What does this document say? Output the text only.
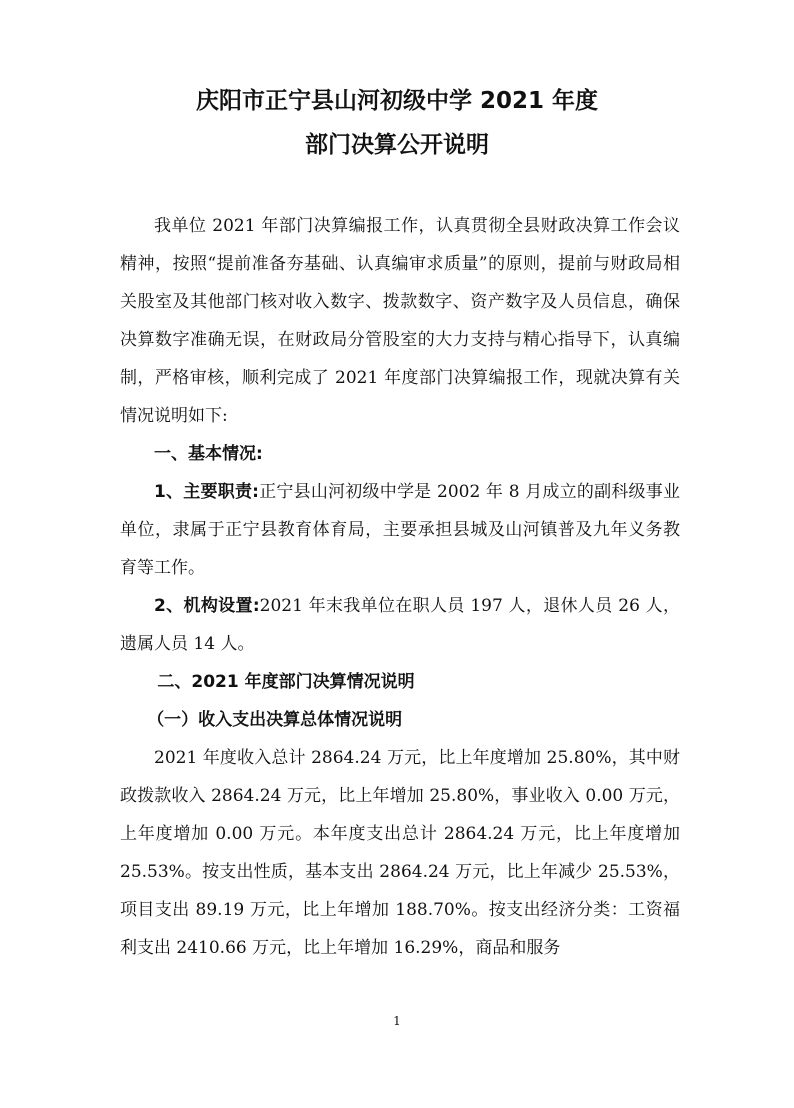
庆阳市正宁县山河初级中学 2021 年度
部门决算公开说明

我单位 2021 年部门决算编报工作，认真贯彻全县财政决算工作会议精神，按照“提前准备夯基础、认真编审求质量”的原则，提前与财政局相关股室及其他部门核对收入数字、拨款数字、资产数字及人员信息，确保决算数字准确无误，在财政局分管股室的大力支持与精心指导下，认真编制，严格审核，顺利完成了 2021 年度部门决算编报工作，现就决算有关情况说明如下:

一、基本情况:

1、主要职责:正宁县山河初级中学是 2002 年 8 月成立的副科级事业单位，隶属于正宁县教育体育局，主要承担县城及山河镇普及九年义务教育等工作。

2、机构设置:2021 年末我单位在职人员 197 人，退休人员 26 人，遗属人员 14 人。

二、2021 年度部门决算情况说明

（一）收入支出决算总体情况说明

2021 年度收入总计 2864.24 万元，比上年度增加 25.80%，其中财政拨款收入 2864.24 万元，比上年增加 25.80%，事业收入 0.00 万元，上年度增加 0.00 万元。本年度支出总计 2864.24 万元，比上年度增加 25.53%。按支出性质，基本支出 2864.24 万元，比上年减少 25.53%，项目支出 89.19 万元，比上年增加 188.70%。按支出经济分类：工资福利支出 2410.66 万元，比上年增加 16.29%，商品和服务

1
